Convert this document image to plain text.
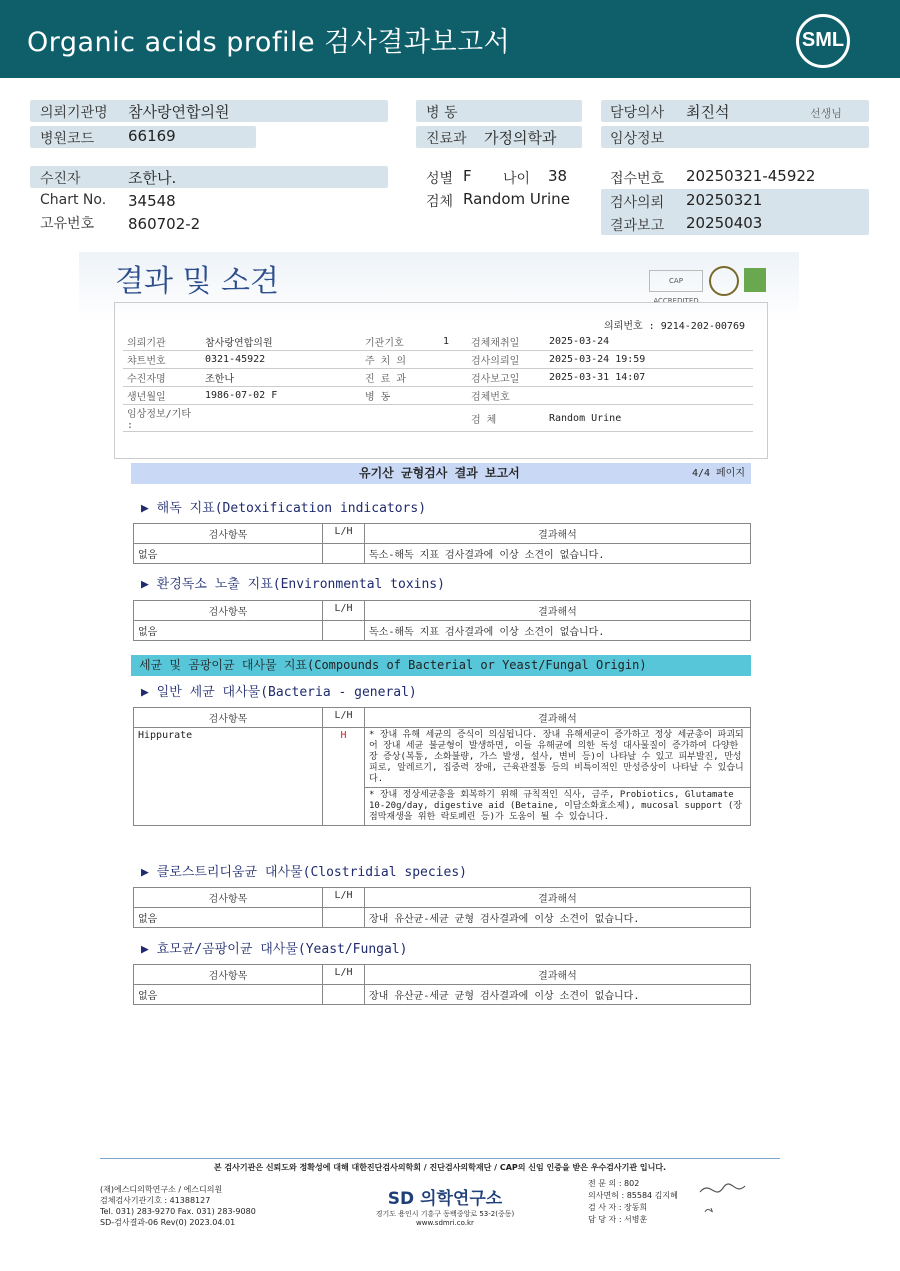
Organic acids profile 검사결과보고서	SML
의뢰기관명 참사랑연합의원
병원코드 66169
병 동
진료과 가정의학과
담당의사 최진석	선생님
임상정보
수진자	조한나.
Chart No. 34548
고유번호 860702-2
성별 F 나이 38
검체 Random Urine
접수번호 20250321-45922
검사의뢰 20250321
결과보고 20250403
결과 및 소견	CAP ACCREDITED
의뢰번호 : 9214-202-00769
의뢰기관	참사랑연합의원	기관기호	1	검체채취일	2025-03-24
챠트번호	0321-45922	주 치 의		검사의뢰일	2025-03-24 19:59
수진자명	조한나	진 료 과		검사보고일	2025-03-31 14:07
생년월일	1986-07-02 F	병 동		검체번호	
임상정보/기타 :				검 체	Random Urine
유기산 균형검사 결과 보고서	4/4 페이지
▶ 해독 지표(Detoxification indicators)
검사항목	L/H	결과해석
없음		독소-해독 지표 검사결과에 이상 소견이 없습니다.
▶ 환경독소 노출 지표(Environmental toxins)
검사항목	L/H	결과해석
없음		독소-해독 지표 검사결과에 이상 소견이 없습니다.
세균 및 곰팡이균 대사물 지표(Compounds of Bacterial or Yeast/Fungal Origin)
▶ 일반 세균 대사물(Bacteria - general)
검사항목	L/H	결과해석
Hippurate	H	* 장내 유해 세균의 증식이 의심됩니다. 장내 유해세균이 증가하고 정상 세균총이 파괴되어 장내 세균 불균형이 발생하면, 이들 유해균에 의한 독성 대사물질이 증가하여 다양한 장 증상(복통, 소화불량, 가스 발생, 설사, 변비 등)이 나타날 수 있고 피부발진, 만성피로, 알레르기, 집중력 장애, 근육관절통 등의 비특이적인 만성증상이 나타날 수 있습니다.
		* 장내 정상세균총을 회복하기 위해 규칙적인 식사, 금주, Probiotics, Glutamate 10-20g/day, digestive aid (Betaine, 이담소화효소제), mucosal support (장점막재생을 위한 락토페린 등)가 도움이 될 수 있습니다.
▶ 클로스트리디움균 대사물(Clostridial species)
검사항목	L/H	결과해석
없음		장내 유산균-세균 균형 검사결과에 이상 소견이 없습니다.
▶ 효모균/곰팡이균 대사물(Yeast/Fungal)
검사항목	L/H	결과해석
없음		장내 유산균-세균 균형 검사결과에 이상 소견이 없습니다.
본 검사기관은 신뢰도와 정확성에 대해 대한진단검사의학회 / 진단검사의학재단 / CAP의 신임 인증을 받은 우수검사기관 입니다.
(재)에스디의학연구소 / 에스디의원
검체검사기관기호 : 41388127
Tel. 031) 283-9270 Fax. 031) 283-9080
SD-검사결과-06 Rev(0) 2023.04.01
SD 의학연구소
경기도 용인시 기흥구 동백중앙로 53-2(중동)
www.sdmri.co.kr
전 문 의 : 802
의사면허 : 85584 김지혜
검 사 자 : 장동희
담 당 자 : 서병훈
